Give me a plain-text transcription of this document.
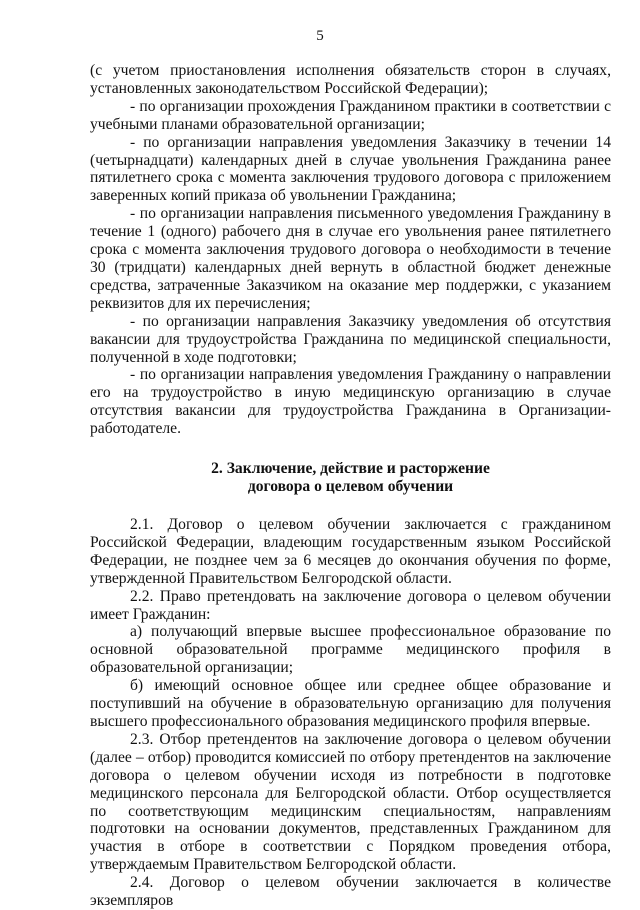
5

(с учетом приостановления исполнения обязательств сторон в случаях, установленных законодательством Российской Федерации);

- по организации прохождения Гражданином практики в соответствии с учебными планами образовательной организации;

- по организации направления уведомления Заказчику в течении 14 (четырнадцати) календарных дней в случае увольнения Гражданина ранее пятилетнего срока с момента заключения трудового договора с приложением заверенных копий приказа об увольнении Гражданина;

- по организации направления письменного уведомления Гражданину в течение 1 (одного) рабочего дня в случае его увольнения ранее пятилетнего срока с момента заключения трудового договора о необходимости в течение 30 (тридцати) календарных дней вернуть в областной бюджет денежные средства, затраченные Заказчиком на оказание мер поддержки, с указанием реквизитов для их перечисления;

- по организации направления Заказчику уведомления об отсутствия вакансии для трудоустройства Гражданина по медицинской специальности, полученной в ходе подготовки;

- по организации направления уведомления Гражданину о направлении его на трудоустройство в иную медицинскую организацию в случае отсутствия вакансии для трудоустройства Гражданина в Организации-работодателе.

2. Заключение, действие и расторжение
договора о целевом обучении

2.1. Договор о целевом обучении заключается с гражданином Российской Федерации, владеющим государственным языком Российской Федерации, не позднее чем за 6 месяцев до окончания обучения по форме, утвержденной Правительством Белгородской области.

2.2. Право претендовать на заключение договора о целевом обучении имеет Гражданин:

а) получающий впервые высшее профессиональное образование по основной образовательной программе медицинского профиля в образовательной организации;

б) имеющий основное общее или среднее общее образование и поступивший на обучение в образовательную организацию для получения высшего профессионального образования медицинского профиля впервые.

2.3. Отбор претендентов на заключение договора о целевом обучении (далее – отбор) проводится комиссией по отбору претендентов на заключение договора о целевом обучении исходя из потребности в подготовке медицинского персонала для Белгородской области. Отбор осуществляется по соответствующим медицинским специальностям, направлениям подготовки на основании документов, представленных Гражданином для участия в отборе в соответствии с Порядком проведения отбора, утверждаемым Правительством Белгородской области.

2.4. Договор о целевом обучении заключается в количестве экземпляров
